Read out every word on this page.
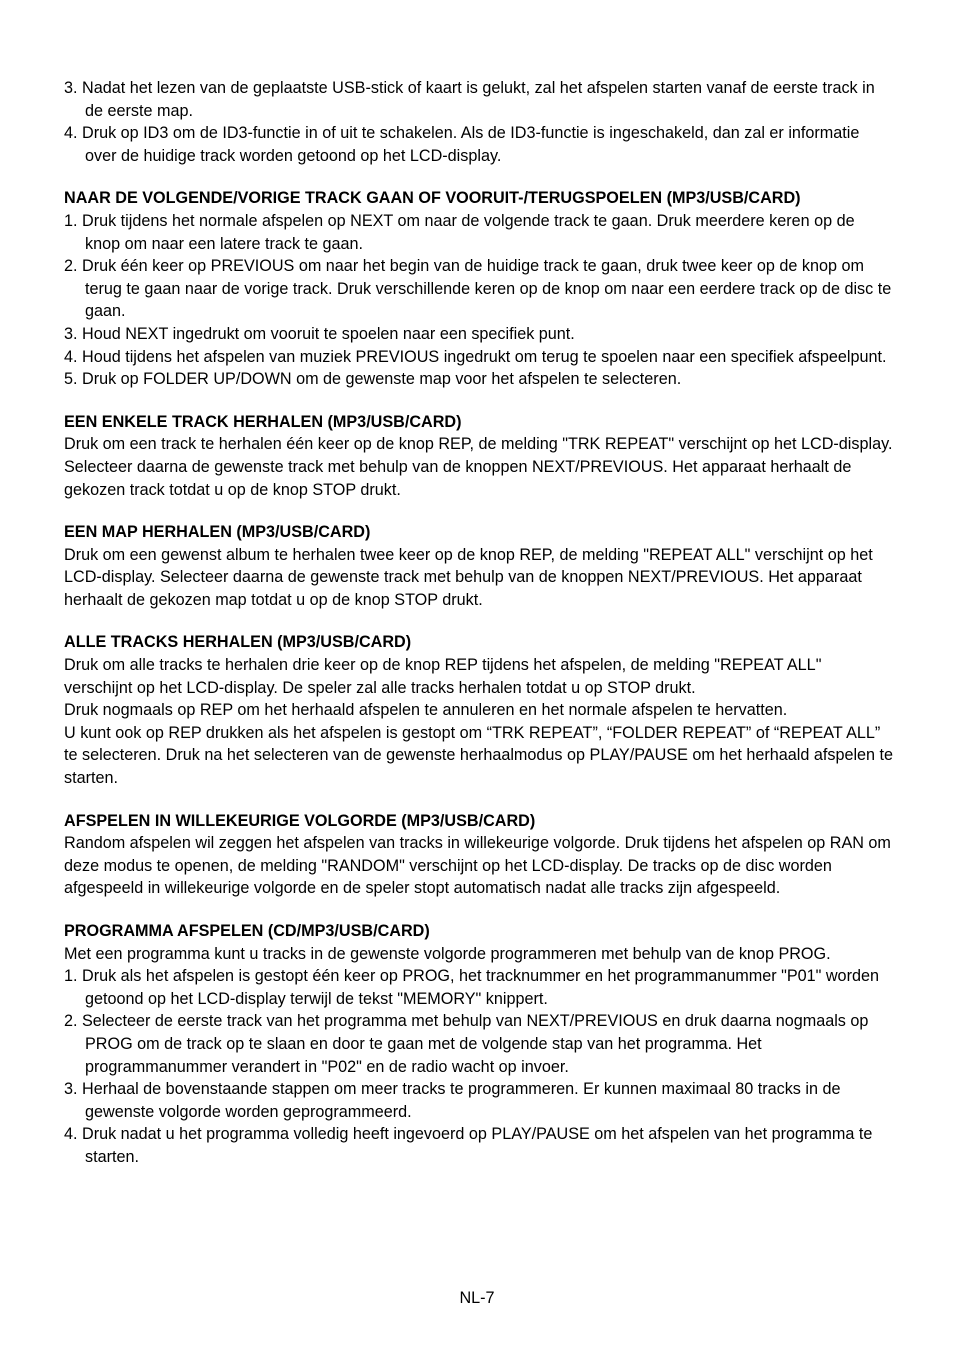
3. Nadat het lezen van de geplaatste USB-stick of kaart is gelukt, zal het afspelen starten vanaf de eerste track in de eerste map.

4. Druk op ID3 om de ID3-functie in of uit te schakelen. Als de ID3-functie is ingeschakeld, dan zal er informatie over de huidige track worden getoond op het LCD-display.

NAAR DE VOLGENDE/VORIGE TRACK GAAN OF VOORUIT-/TERUGSPOELEN (MP3/USB/CARD)

1. Druk tijdens het normale afspelen op NEXT om naar de volgende track te gaan. Druk meerdere keren op de knop om naar een latere track te gaan.

2. Druk één keer op PREVIOUS om naar het begin van de huidige track te gaan, druk twee keer op de knop om terug te gaan naar de vorige track. Druk verschillende keren op de knop om naar een eerdere track op de disc te gaan.

3. Houd NEXT ingedrukt om vooruit te spoelen naar een specifiek punt.

4. Houd tijdens het afspelen van muziek PREVIOUS ingedrukt om terug te spoelen naar een specifiek afspeelpunt.

5. Druk op FOLDER UP/DOWN om de gewenste map voor het afspelen te selecteren.

EEN ENKELE TRACK HERHALEN (MP3/USB/CARD)

Druk om een track te herhalen één keer op de knop REP, de melding "TRK REPEAT" verschijnt op het LCD-display. Selecteer daarna de gewenste track met behulp van de knoppen NEXT/PREVIOUS. Het apparaat herhaalt de gekozen track totdat u op de knop STOP drukt.

EEN MAP HERHALEN (MP3/USB/CARD)

Druk om een gewenst album te herhalen twee keer op de knop REP, de melding "REPEAT ALL" verschijnt op het LCD-display. Selecteer daarna de gewenste track met behulp van de knoppen NEXT/PREVIOUS. Het apparaat herhaalt de gekozen map totdat u op de knop STOP drukt.

ALLE TRACKS HERHALEN (MP3/USB/CARD)

Druk om alle tracks te herhalen drie keer op de knop REP tijdens het afspelen, de melding "REPEAT ALL" verschijnt op het LCD-display. De speler zal alle tracks herhalen totdat u op STOP drukt.

Druk nogmaals op REP om het herhaald afspelen te annuleren en het normale afspelen te hervatten.

U kunt ook op REP drukken als het afspelen is gestopt om “TRK REPEAT”, “FOLDER REPEAT” of “REPEAT ALL” te selecteren. Druk na het selecteren van de gewenste herhaalmodus op PLAY/PAUSE om het herhaald afspelen te starten.

AFSPELEN IN WILLEKEURIGE VOLGORDE (MP3/USB/CARD)

Random afspelen wil zeggen het afspelen van tracks in willekeurige volgorde. Druk tijdens het afspelen op RAN om deze modus te openen, de melding "RANDOM" verschijnt op het LCD-display. De tracks op de disc worden afgespeeld in willekeurige volgorde en de speler stopt automatisch nadat alle tracks zijn afgespeeld.

PROGRAMMA AFSPELEN (CD/MP3/USB/CARD)

Met een programma kunt u tracks in de gewenste volgorde programmeren met behulp van de knop PROG.

1. Druk als het afspelen is gestopt één keer op PROG, het tracknummer en het programmanummer "P01" worden getoond op het LCD-display terwijl de tekst "MEMORY" knippert.

2. Selecteer de eerste track van het programma met behulp van NEXT/PREVIOUS en druk daarna nogmaals op PROG om de track op te slaan en door te gaan met de volgende stap van het programma. Het programmanummer verandert in "P02" en de radio wacht op invoer.

3. Herhaal de bovenstaande stappen om meer tracks te programmeren. Er kunnen maximaal 80 tracks in de gewenste volgorde worden geprogrammeerd.

4. Druk nadat u het programma volledig heeft ingevoerd op PLAY/PAUSE om het afspelen van het programma te starten.

NL-7
